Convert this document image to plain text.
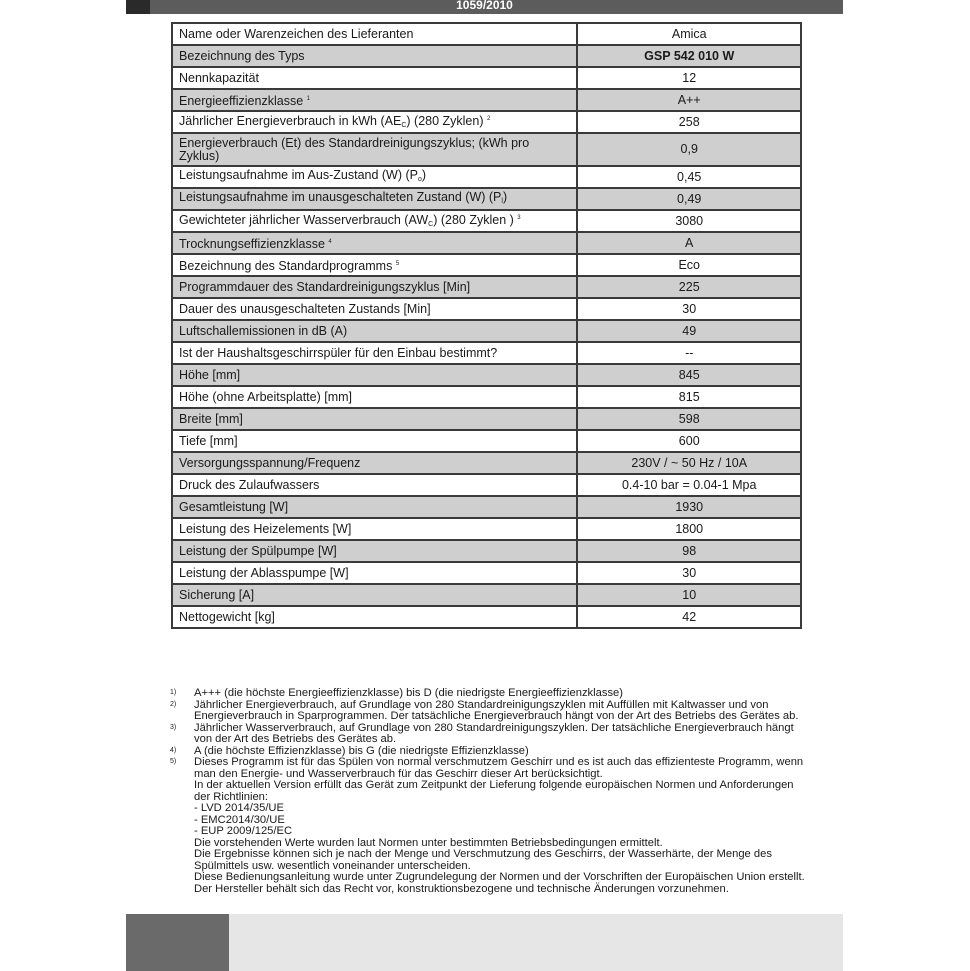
1059/2010
Name oder Warenzeichen des Lieferanten	Amica
Bezeichnung des Typs	GSP 542 010 W
Nennkapazität	12
Energieeffizienzklasse $^1$	A++
Jährlicher Energieverbrauch in kWh $(AE_C)$ (280 Zyklen) $^2$	258
Energieverbrauch (Et) des Standardreinigungszyklus; (kWh pro Zyklus)	0,9
Leistungsaufnahme im Aus-Zustand (W) $(P_o)$	0,45
Leistungsaufnahme im unausgeschalteten Zustand (W) $(P_l)$	0,49
Gewichteter jährlicher Wasserverbrauch $(AW_C)$ (280 Zyklen ) $^3$	3080
Trocknungseffizienzklasse $^4$	A
Bezeichnung des Standardprogramms $^5$	Eco
Programmdauer des Standardreinigungszyklus [Min]	225
Dauer des unausgeschalteten Zustands [Min]	30
Luftschallemissionen in dB (A)	49
Ist der Haushaltsgeschirrspüler für den Einbau bestimmt?	--
Höhe [mm]	845
Höhe (ohne Arbeitsplatte) [mm]	815
Breite [mm]	598
Tiefe [mm]	600
Versorgungsspannung/Frequenz	230V / ~ 50 Hz / 10A
Druck des Zulaufwassers	0.4-10 bar = 0.04-1 Mpa
Gesamtleistung [W]	1930
Leistung des Heizelements [W]	1800
Leistung der Spülpumpe [W]	98
Leistung der Ablasspumpe [W]	30
Sicherung [A]	10
Nettogewicht [kg]	42
1)	A+++ (die höchste Energieeffizienzklasse) bis D (die niedrigste Energieeffizienzklasse)
2)	Jährlicher Energieverbrauch, auf Grundlage von 280 Standardreinigungszyklen mit Auffüllen mit Kaltwasser und von Energieverbrauch in Sparprogrammen. Der tatsächliche Energieverbrauch hängt von der Art des Betriebs des Gerätes ab.
3)	Jährlicher Wasserverbrauch, auf Grundlage von 280 Standardreinigungszyklen. Der tatsächliche Energieverbrauch hängt von der Art des Betriebs des Gerätes ab.
4)	A (die höchste Effizienzklasse) bis G (die niedrigste Effizienzklasse)
5)	Dieses Programm ist für das Spülen von normal verschmutzem Geschirr und es ist auch das effizienteste Programm, wenn man den Energie- und Wasserverbrauch für das Geschirr dieser Art berücksichtigt.
In der aktuellen Version erfüllt das Gerät zum Zeitpunkt der Lieferung folgende europäischen Normen und Anforderungen der Richtlinien:
- LVD 2014/35/UE
- EMC2014/30/UE
- EUP 2009/125/EC
Die vorstehenden Werte wurden laut Normen unter bestimmten Betriebsbedingungen ermittelt.
Die Ergebnisse können sich je nach der Menge und Verschmutzung des Geschirrs, der Wasserhärte, der Menge des Spülmittels usw. wesentlich voneinander unterscheiden.
Diese Bedienungsanleitung wurde unter Zugrundelegung der Normen und der Vorschriften der Europäischen Union erstellt.
Der Hersteller behält sich das Recht vor, konstruktionsbezogene und technische Änderungen vorzunehmen.
